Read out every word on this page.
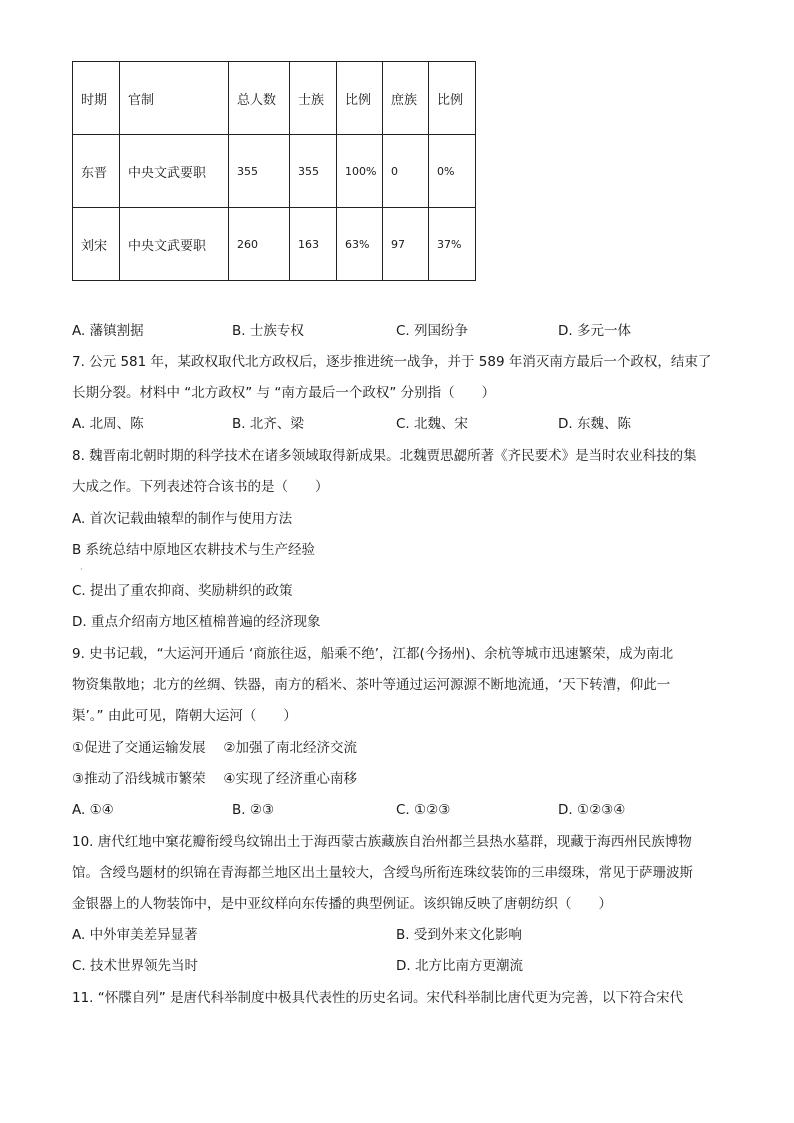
时期	官制	总人数	士族	比例	庶族	比例
东晋	中央文武要职	355	355	100%	0	0%
刘宋	中央文武要职	260	163	63%	97	37%
A. 藩镇割据	B. 士族专权	C. 列国纷争	D. 多元一体
7. 公元 581 年，某政权取代北方政权后，逐步推进统一战争，并于 589 年消灭南方最后一个政权，结束了
长期分裂。材料中 “北方政权” 与 “南方最后一个政权” 分别指（　　）
A. 北周、陈	B. 北齐、梁	C. 北魏、宋	D. 东魏、陈
8. 魏晋南北朝时期的科学技术在诸多领域取得新成果。北魏贾思勰所著《齐民要术》是当时农业科技的集
大成之作。下列表述符合该书的是（　　）
A. 首次记载曲辕犁的制作与使用方法
B 系统总结中原地区农耕技术与生产经验
·
C. 提出了重农抑商、奖励耕织的政策
D. 重点介绍南方地区植棉普遍的经济现象
9. 史书记载，“大运河开通后 ‘商旅往返，船乘不绝’，江都(今扬州)、余杭等城市迅速繁荣，成为南北
物资集散地；北方的丝绸、铁器，南方的稻米、茶叶等通过运河源源不断地流通，‘天下转漕，仰此一
渠’。” 由此可见，隋朝大运河（　　）
①促进了交通运输发展　 ②加强了南北经济交流
③推动了沿线城市繁荣　 ④实现了经济重心南移
A. ①④	B. ②③	C. ①②③	D. ①②③④
10. 唐代红地中窠花瓣衔绶鸟纹锦出土于海西蒙古族藏族自治州都兰县热水墓群，现藏于海西州民族博物
馆。含绶鸟题材的织锦在青海都兰地区出土量较大，含绶鸟所衔连珠纹装饰的三串缀珠，常见于萨珊波斯
金银器上的人物装饰中，是中亚纹样向东传播的典型例证。该织锦反映了唐朝纺织（　　）
A. 中外审美差异显著	B. 受到外来文化影响
C. 技术世界领先当时	D. 北方比南方更潮流
11. “怀牒自列” 是唐代科举制度中极具代表性的历史名词。宋代科举制比唐代更为完善，以下符合宋代
